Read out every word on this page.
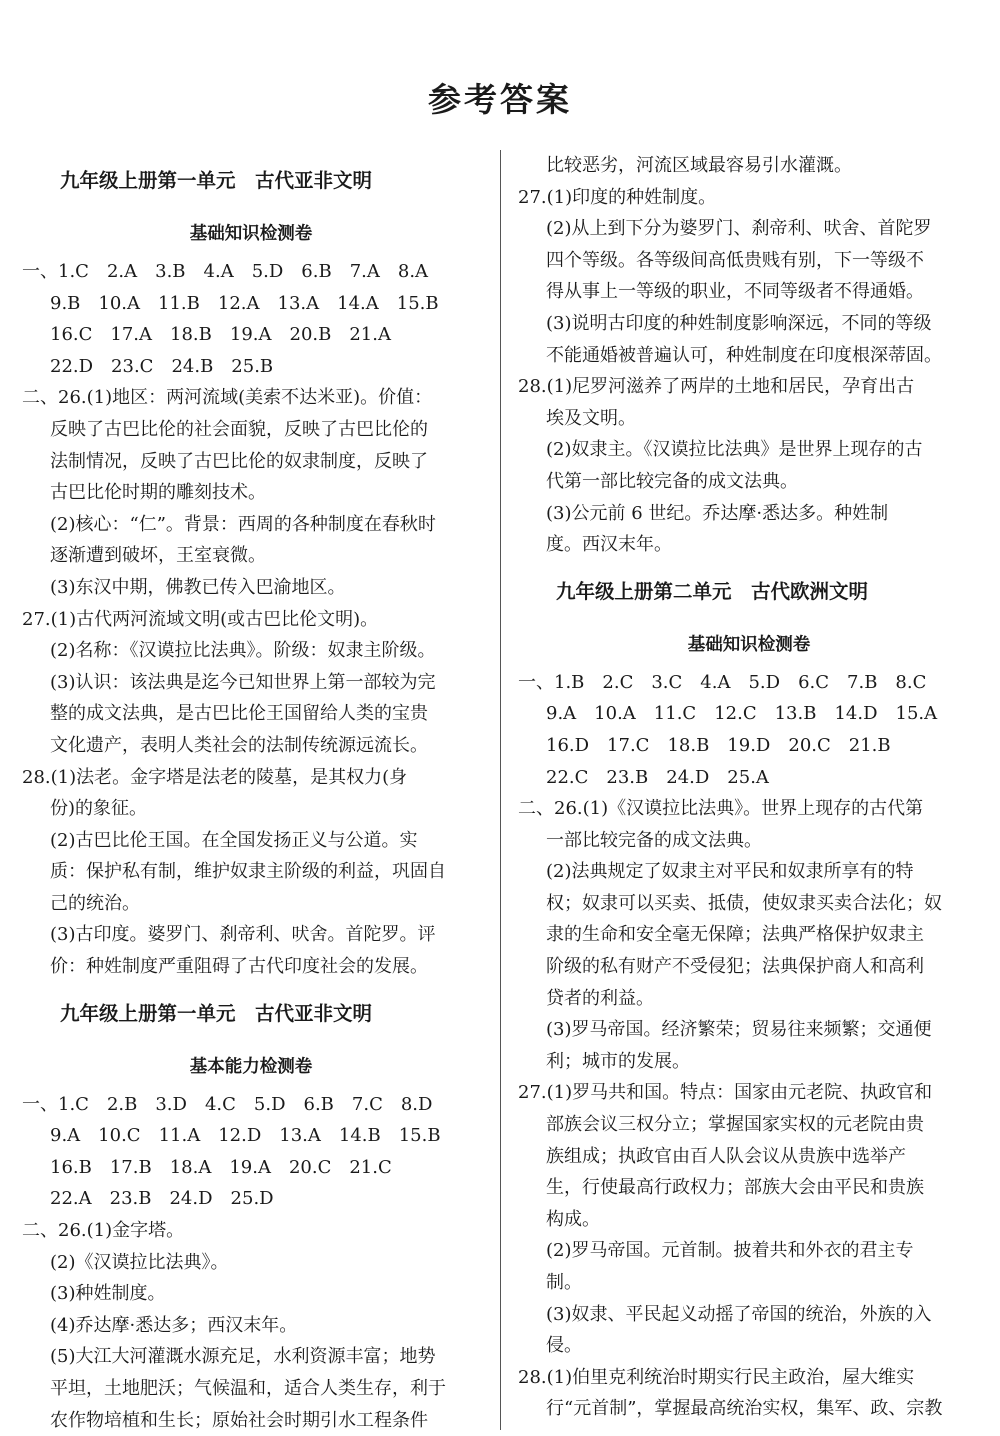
参考答案
九年级上册第一单元　古代亚非文明
基础知识检测卷
一、1.C　2.A　3.B　4.A　5.D　6.B　7.A　8.A
9.B　10.A　11.B　12.A　13.A　14.A　15.B
16.C　17.A　18.B　19.A　20.B　21.A
22.D　23.C　24.B　25.B
二、26.(1)地区：两河流域(美索不达米亚)。价值：
反映了古巴比伦的社会面貌，反映了古巴比伦的
法制情况，反映了古巴比伦的奴隶制度，反映了
古巴比伦时期的雕刻技术。
(2)核心：“仁”。背景：西周的各种制度在春秋时
逐渐遭到破坏，王室衰微。
(3)东汉中期，佛教已传入巴渝地区。
27.(1)古代两河流域文明(或古巴比伦文明)。
(2)名称：《汉谟拉比法典》。阶级：奴隶主阶级。
(3)认识：该法典是迄今已知世界上第一部较为完
整的成文法典，是古巴比伦王国留给人类的宝贵
文化遗产，表明人类社会的法制传统源远流长。
28.(1)法老。金字塔是法老的陵墓，是其权力(身
份)的象征。
(2)古巴比伦王国。在全国发扬正义与公道。实
质：保护私有制，维护奴隶主阶级的利益，巩固自
己的统治。
(3)古印度。婆罗门、刹帝利、吠舍。首陀罗。评
价：种姓制度严重阻碍了古代印度社会的发展。
九年级上册第一单元　古代亚非文明
基本能力检测卷
一、1.C　2.B　3.D　4.C　5.D　6.B　7.C　8.D
9.A　10.C　11.A　12.D　13.A　14.B　15.B
16.B　17.B　18.A　19.A　20.C　21.C
22.A　23.B　24.D　25.D
二、26.(1)金字塔。
(2)《汉谟拉比法典》。
(3)种姓制度。
(4)乔达摩·悉达多；西汉末年。
(5)大江大河灌溉水源充足，水利资源丰富；地势
平坦，土地肥沃；气候温和，适合人类生存，利于
农作物培植和生长；原始社会时期引水工程条件
比较恶劣，河流区域最容易引水灌溉。
27.(1)印度的种姓制度。
(2)从上到下分为婆罗门、刹帝利、吠舍、首陀罗
四个等级。各等级间高低贵贱有别，下一等级不
得从事上一等级的职业，不同等级者不得通婚。
(3)说明古印度的种姓制度影响深远，不同的等级
不能通婚被普遍认可，种姓制度在印度根深蒂固。
28.(1)尼罗河滋养了两岸的土地和居民，孕育出古
埃及文明。
(2)奴隶主。《汉谟拉比法典》是世界上现存的古
代第一部比较完备的成文法典。
(3)公元前 6 世纪。乔达摩·悉达多。种姓制
度。西汉末年。
九年级上册第二单元　古代欧洲文明
基础知识检测卷
一、1.B　2.C　3.C　4.A　5.D　6.C　7.B　8.C
9.A　10.A　11.C　12.C　13.B　14.D　15.A
16.D　17.C　18.B　19.D　20.C　21.B
22.C　23.B　24.D　25.A
二、26.(1)《汉谟拉比法典》。世界上现存的古代第
一部比较完备的成文法典。
(2)法典规定了奴隶主对平民和奴隶所享有的特
权；奴隶可以买卖、抵债，使奴隶买卖合法化；奴
隶的生命和安全毫无保障；法典严格保护奴隶主
阶级的私有财产不受侵犯；法典保护商人和高利
贷者的利益。
(3)罗马帝国。经济繁荣；贸易往来频繁；交通便
利；城市的发展。
27.(1)罗马共和国。特点：国家由元老院、执政官和
部族会议三权分立；掌握国家实权的元老院由贵
族组成；执政官由百人队会议从贵族中选举产
生，行使最高行政权力；部族大会由平民和贵族
构成。
(2)罗马帝国。元首制。披着共和外衣的君主专
制。
(3)奴隶、平民起义动摇了帝国的统治，外族的入
侵。
28.(1)伯里克利统治时期实行民主政治，屋大维实
行“元首制”，掌握最高统治实权，集军、政、宗教
